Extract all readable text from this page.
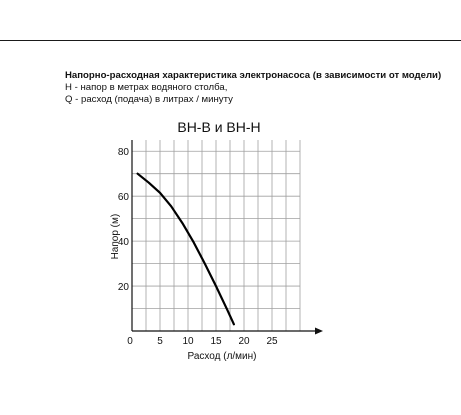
Напорно-расходная характеристика электронасоса (в зависимости от модели)
H - напор в метрах водяного столба,
Q - расход (подача) в литрах / минуту
0 5 10 15 20 25
20
40
60
80
ВН-В и ВН-Н
Расход (л/мин)
Напор (м)
